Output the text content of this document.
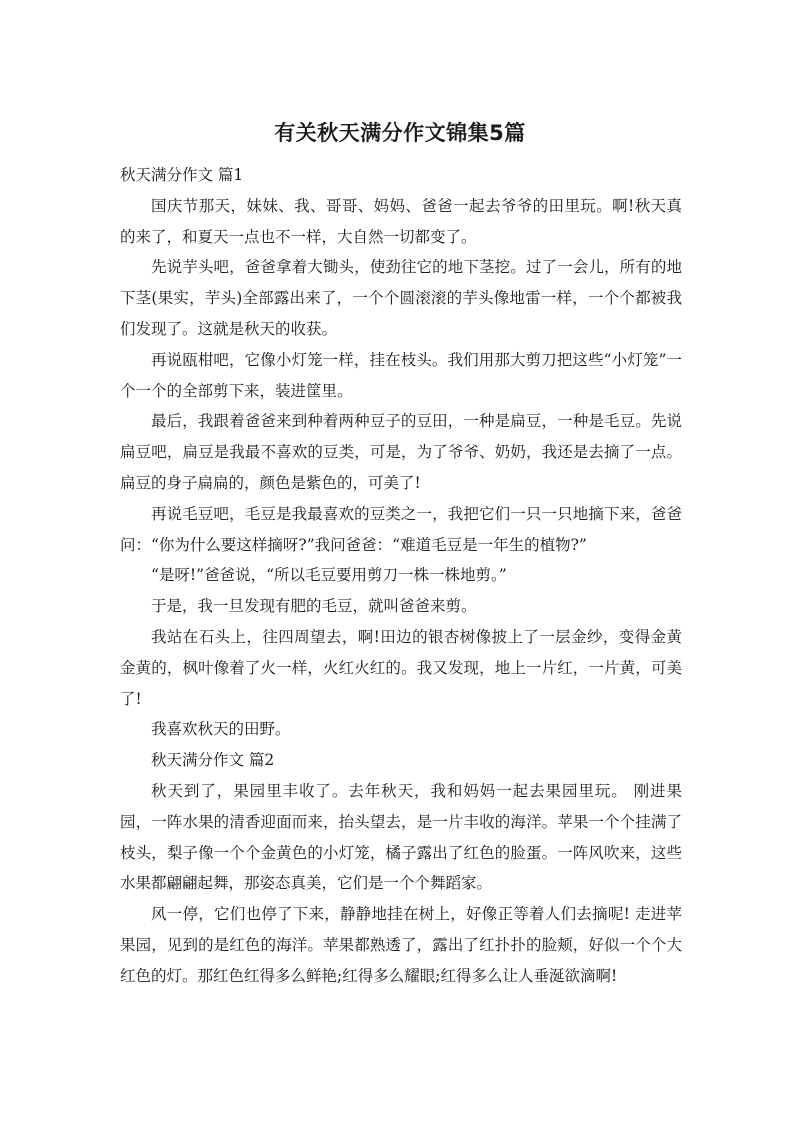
有关秋天满分作文锦集5篇

秋天满分作文 篇1

国庆节那天，妹妹、我、哥哥、妈妈、爸爸一起去爷爷的田里玩。啊!秋天真的来了，和夏天一点也不一样，大自然一切都变了。

先说芋头吧，爸爸拿着大锄头，使劲往它的地下茎挖。过了一会儿，所有的地下茎(果实，芋头)全部露出来了，一个个圆滚滚的芋头像地雷一样，一个个都被我们发现了。这就是秋天的收获。

再说瓯柑吧，它像小灯笼一样，挂在枝头。我们用那大剪刀把这些“小灯笼”一个一个的全部剪下来，装进筐里。

最后，我跟着爸爸来到种着两种豆子的豆田，一种是扁豆，一种是毛豆。先说扁豆吧，扁豆是我最不喜欢的豆类，可是，为了爷爷、奶奶，我还是去摘了一点。扁豆的身子扁扁的，颜色是紫色的，可美了!

再说毛豆吧，毛豆是我最喜欢的豆类之一，我把它们一只一只地摘下来，爸爸问：“你为什么要这样摘呀?”我问爸爸：“难道毛豆是一年生的植物?”

“是呀!”爸爸说，“所以毛豆要用剪刀一株一株地剪。”

于是，我一旦发现有肥的毛豆，就叫爸爸来剪。

我站在石头上，往四周望去，啊!田边的银杏树像披上了一层金纱，变得金黄金黄的，枫叶像着了火一样，火红火红的。我又发现，地上一片红，一片黄，可美了!

我喜欢秋天的田野。

秋天满分作文 篇2

秋天到了，果园里丰收了。去年秋天，我和妈妈一起去果园里玩。 刚进果园，一阵水果的清香迎面而来，抬头望去，是一片丰收的海洋。苹果一个个挂满了枝头，梨子像一个个金黄色的小灯笼，橘子露出了红色的脸蛋。一阵风吹来，这些水果都翩翩起舞，那姿态真美，它们是一个个舞蹈家。

风一停，它们也停了下来，静静地挂在树上，好像正等着人们去摘呢! 走进苹果园，见到的是红色的海洋。苹果都熟透了，露出了红扑扑的脸颊，好似一个个大红色的灯。那红色红得多么鲜艳;红得多么耀眼;红得多么让人垂涎欲滴啊!
